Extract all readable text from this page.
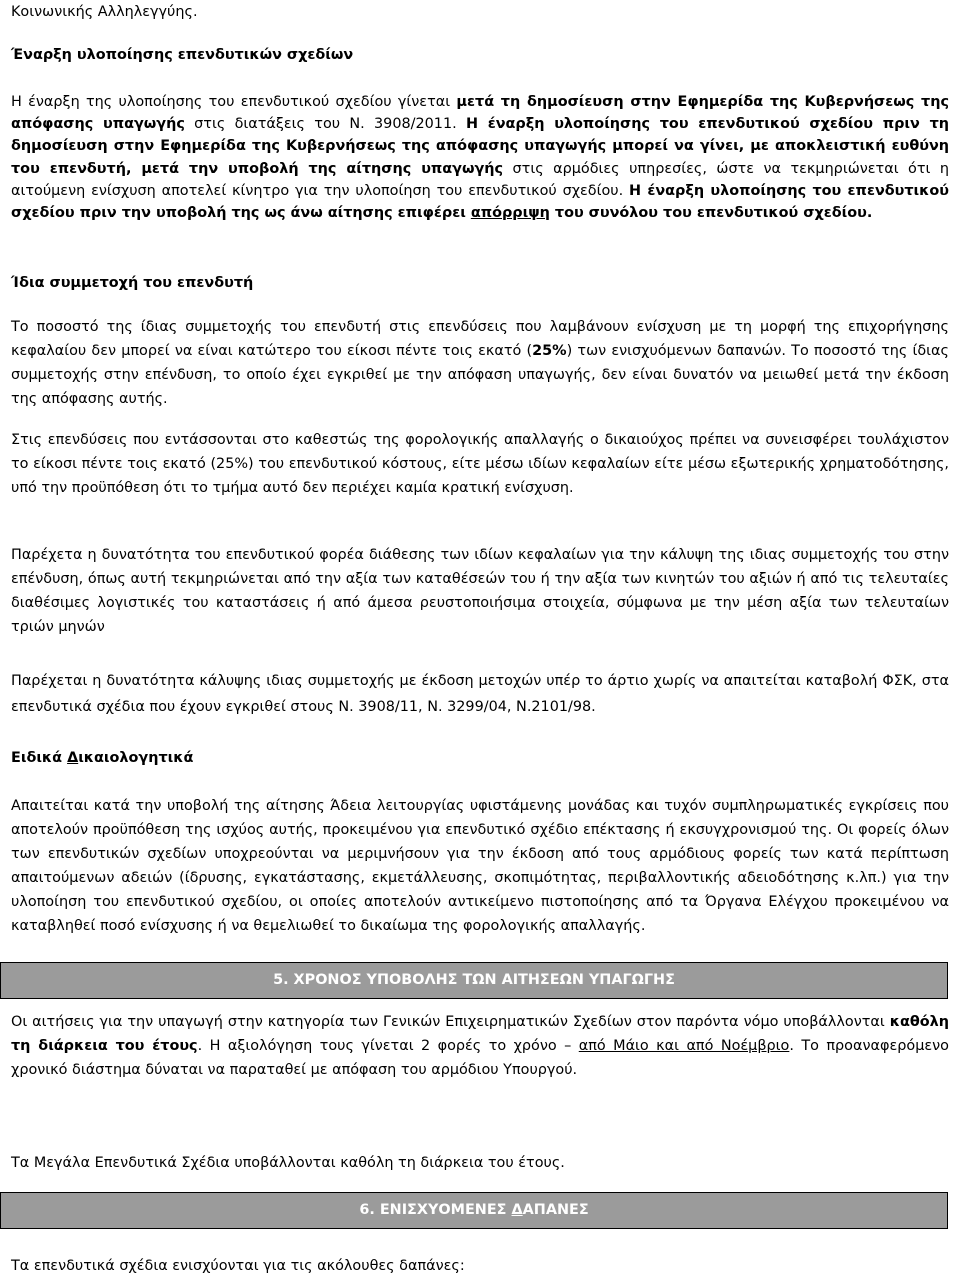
Κοινωνικής Αλληλεγγύης.

Έναρξη υλοποίησης επενδυτικών σχεδίων

Η έναρξη της υλοποίησης του επενδυτικού σχεδίου γίνεται μετά τη δημοσίευση στην Εφημερίδα της Κυβερνήσεως της απόφασης υπαγωγής στις διατάξεις του Ν. 3908/2011. Η έναρξη υλοποίησης του επενδυτικού σχεδίου πριν τη δημοσίευση στην Εφημερίδα της Κυβερνήσεως της απόφασης υπαγωγής μπορεί να γίνει, με αποκλειστική ευθύνη του επενδυτή, μετά την υποβολή της αίτησης υπαγωγής στις αρμόδιες υπηρεσίες, ώστε να τεκμηριώνεται ότι η αιτούμενη ενίσχυση αποτελεί κίνητρο για την υλοποίηση του επενδυτικού σχεδίου. Η έναρξη υλοποίησης του επενδυτικού σχεδίου πριν την υποβολή της ως άνω αίτησης επιφέρει απόρριψη του συνόλου του επενδυτικού σχεδίου.

Ίδια συμμετοχή του επενδυτή

Το ποσοστό της ίδιας συμμετοχής του επενδυτή στις επενδύσεις που λαμβάνουν ενίσχυση με τη μορφή της επιχορήγησης κεφαλαίου δεν μπορεί να είναι κατώτερο του είκοσι πέντε τοις εκατό (25%) των ενισχυόμενων δαπανών. Το ποσοστό της ίδιας συμμετοχής στην επένδυση, το οποίο έχει εγκριθεί με την απόφαση υπαγωγής, δεν είναι δυνατόν να μειωθεί μετά την έκδοση της απόφασης αυτής.

Στις επενδύσεις που εντάσσονται στο καθεστώς της φορολογικής απαλλαγής ο δικαιούχος πρέπει να συνεισφέρει τουλάχιστον το είκοσι πέντε τοις εκατό (25%) του επενδυτικού κόστους, είτε μέσω ιδίων κεφαλαίων είτε μέσω εξωτερικής χρηματοδότησης, υπό την προϋπόθεση ότι το τμήμα αυτό δεν περιέχει καμία κρατική ενίσχυση.

Παρέχετα η δυνατότητα του επενδυτικού φορέα διάθεσης των ιδίων κεφαλαίων για την κάλυψη της ιδιας συμμετοχής του στην επένδυση, όπως αυτή τεκμηριώνεται από την αξία των καταθέσεών του ή την αξία των κινητών του αξιών ή από τις τελευταίες διαθέσιμες λογιστικές του καταστάσεις ή από άμεσα ρευστοποιήσιμα στοιχεία, σύμφωνα με την μέση αξία των τελευταίων τριών μηνών

Παρέχεται η δυνατότητα κάλυψης ιδιας συμμετοχής με έκδοση μετοχών υπέρ το άρτιο χωρίς να απαιτείται καταβολή ΦΣΚ, στα επενδυτικά σχέδια που έχουν εγκριθεί στους Ν. 3908/11, Ν. 3299/04, Ν.2101/98.

Ειδικά Δικαιολογητικά

Απαιτείται κατά την υποβολή της αίτησης Άδεια λειτουργίας υφιστάμενης μονάδας και τυχόν συμπληρωματικές εγκρίσεις που αποτελούν προϋπόθεση της ισχύος αυτής, προκειμένου για επενδυτικό σχέδιο επέκτασης ή εκσυγχρονισμού της. Οι φορείς όλων των επενδυτικών σχεδίων υποχρεούνται να μεριμνήσουν για την έκδοση από τους αρμόδιους φορείς των κατά περίπτωση απαιτούμενων αδειών (ίδρυσης, εγκατάστασης, εκμετάλλευσης, σκοπιμότητας, περιβαλλοντικής αδειοδότησης κ.λπ.) για την υλοποίηση του επενδυτικού σχεδίου, οι οποίες αποτελούν αντικείμενο πιστοποίησης από τα Όργανα Ελέγχου προκειμένου να καταβληθεί ποσό ενίσχυσης ή να θεμελιωθεί το δικαίωμα της φορολογικής απαλλαγής.

5. ΧΡΟΝΟΣ ΥΠΟΒΟΛΗΣ ΤΩΝ ΑΙΤΗΣΕΩΝ ΥΠΑΓΩΓΗΣ

Οι αιτήσεις για την υπαγωγή στην κατηγορία των Γενικών Επιχειρηματικών Σχεδίων στον παρόντα νόμο υποβάλλονται καθόλη τη διάρκεια του έτους. Η αξιολόγηση τους γίνεται 2 φορές το χρόνο – από Μάιο και από Νοέμβριο. Το προαναφερόμενο χρονικό διάστημα δύναται να παραταθεί με απόφαση του αρμόδιου Υπουργού.

Τα Μεγάλα Επενδυτικά Σχέδια υποβάλλονται καθόλη τη διάρκεια του έτους.

6. ΕΝΙΣΧΥΟΜΕΝΕΣ ΔΑΠΑΝΕΣ

Τα επενδυτικά σχέδια ενισχύονται για τις ακόλουθες δαπάνες:
